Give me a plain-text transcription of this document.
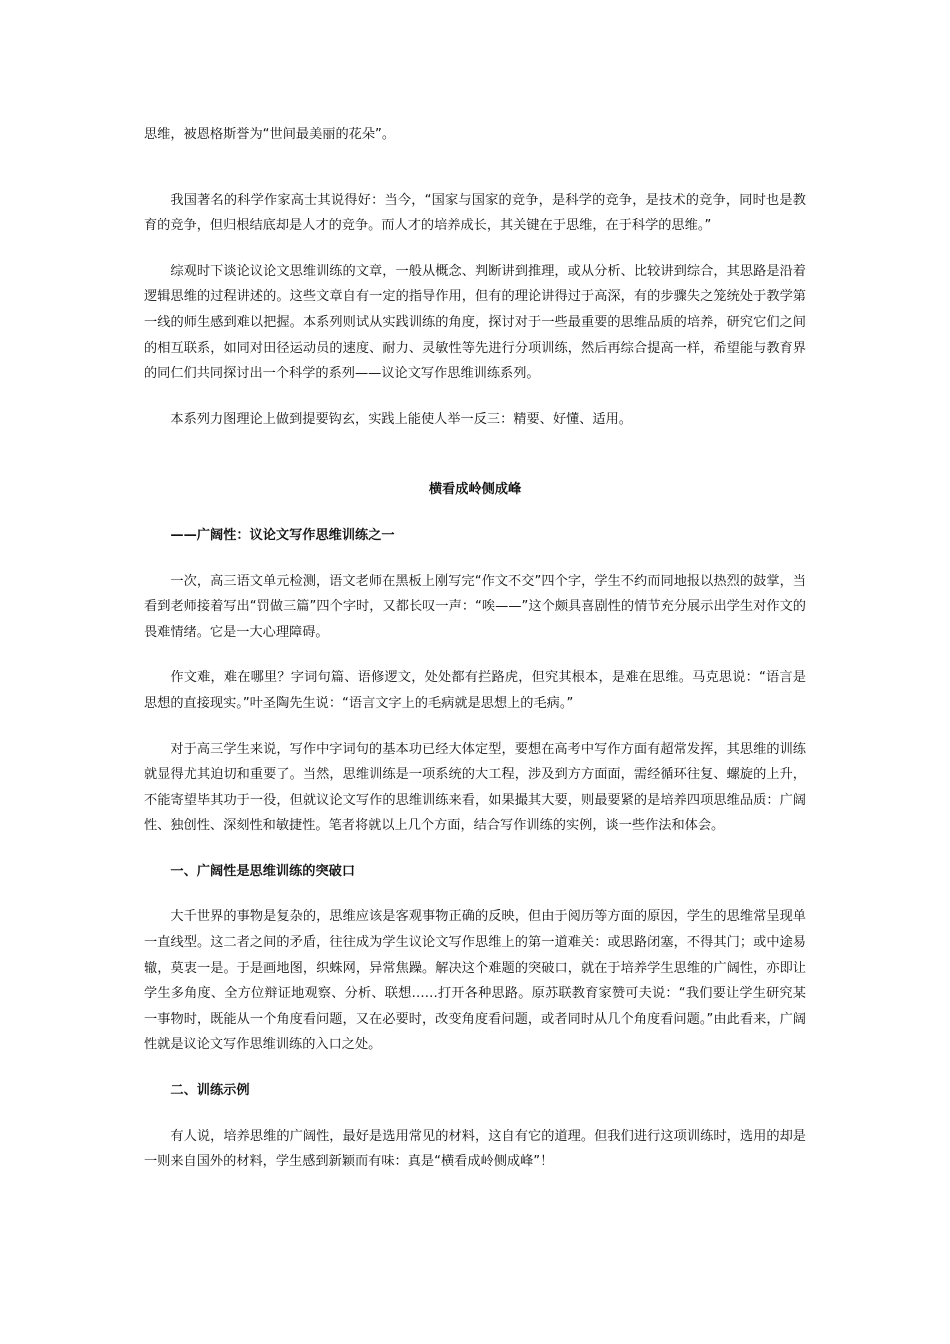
思维，被恩格斯誉为“世间最美丽的花朵”。

我国著名的科学作家高士其说得好：当今，“国家与国家的竞争，是科学的竞争，是技术的竞争，同时也是教育的竞争，但归根结底却是人才的竞争。而人才的培养成长，其关键在于思维，在于科学的思维。”

综观时下谈论议论文思维训练的文章，一般从概念、判断讲到推理，或从分析、比较讲到综合，其思路是沿着逻辑思维的过程讲述的。这些文章自有一定的指导作用，但有的理论讲得过于高深，有的步骤失之笼统处于教学第一线的师生感到难以把握。本系列则试从实践训练的角度，探讨对于一些最重要的思维品质的培养，研究它们之间的相互联系，如同对田径运动员的速度、耐力、灵敏性等先进行分项训练，然后再综合提高一样，希望能与教育界的同仁们共同探讨出一个科学的系列——议论文写作思维训练系列。

本系列力图理论上做到提要钩玄，实践上能使人举一反三：精要、好懂、适用。

横看成岭侧成峰

——广阔性：议论文写作思维训练之一

一次，高三语文单元检测，语文老师在黑板上刚写完“作文不交”四个字，学生不约而同地报以热烈的鼓掌，当看到老师接着写出“罚做三篇”四个字时，又都长叹一声：“唉——”这个颇具喜剧性的情节充分展示出学生对作文的畏难情绪。它是一大心理障碍。

作文难，难在哪里？字词句篇、语修逻文，处处都有拦路虎，但究其根本，是难在思维。马克思说：“语言是思想的直接现实。”叶圣陶先生说：“语言文字上的毛病就是思想上的毛病。”

对于高三学生来说，写作中字词句的基本功已经大体定型，要想在高考中写作方面有超常发挥，其思维的训练就显得尤其迫切和重要了。当然，思维训练是一项系统的大工程，涉及到方方面面，需经循环往复、螺旋的上升，不能寄望毕其功于一役，但就议论文写作的思维训练来看，如果撮其大要，则最要紧的是培养四项思维品质：广阔性、独创性、深刻性和敏捷性。笔者将就以上几个方面，结合写作训练的实例，谈一些作法和体会。

一、广阔性是思维训练的突破口

大千世界的事物是复杂的，思维应该是客观事物正确的反映，但由于阅历等方面的原因，学生的思维常呈现单一直线型。这二者之间的矛盾，往往成为学生议论文写作思维上的第一道难关：或思路闭塞，不得其门；或中途易辙，莫衷一是。于是画地图，织蛛网，异常焦躁。解决这个难题的突破口，就在于培养学生思维的广阔性，亦即让学生多角度、全方位辩证地观察、分析、联想……打开各种思路。原苏联教育家赞可夫说：“我们要让学生研究某一事物时，既能从一个角度看问题，又在必要时，改变角度看问题，或者同时从几个角度看问题。”由此看来，广阔性就是议论文写作思维训练的入口之处。

二、训练示例

有人说，培养思维的广阔性，最好是选用常见的材料，这自有它的道理。但我们进行这项训练时，选用的却是一则来自国外的材料，学生感到新颖而有味：真是“横看成岭侧成峰”！
